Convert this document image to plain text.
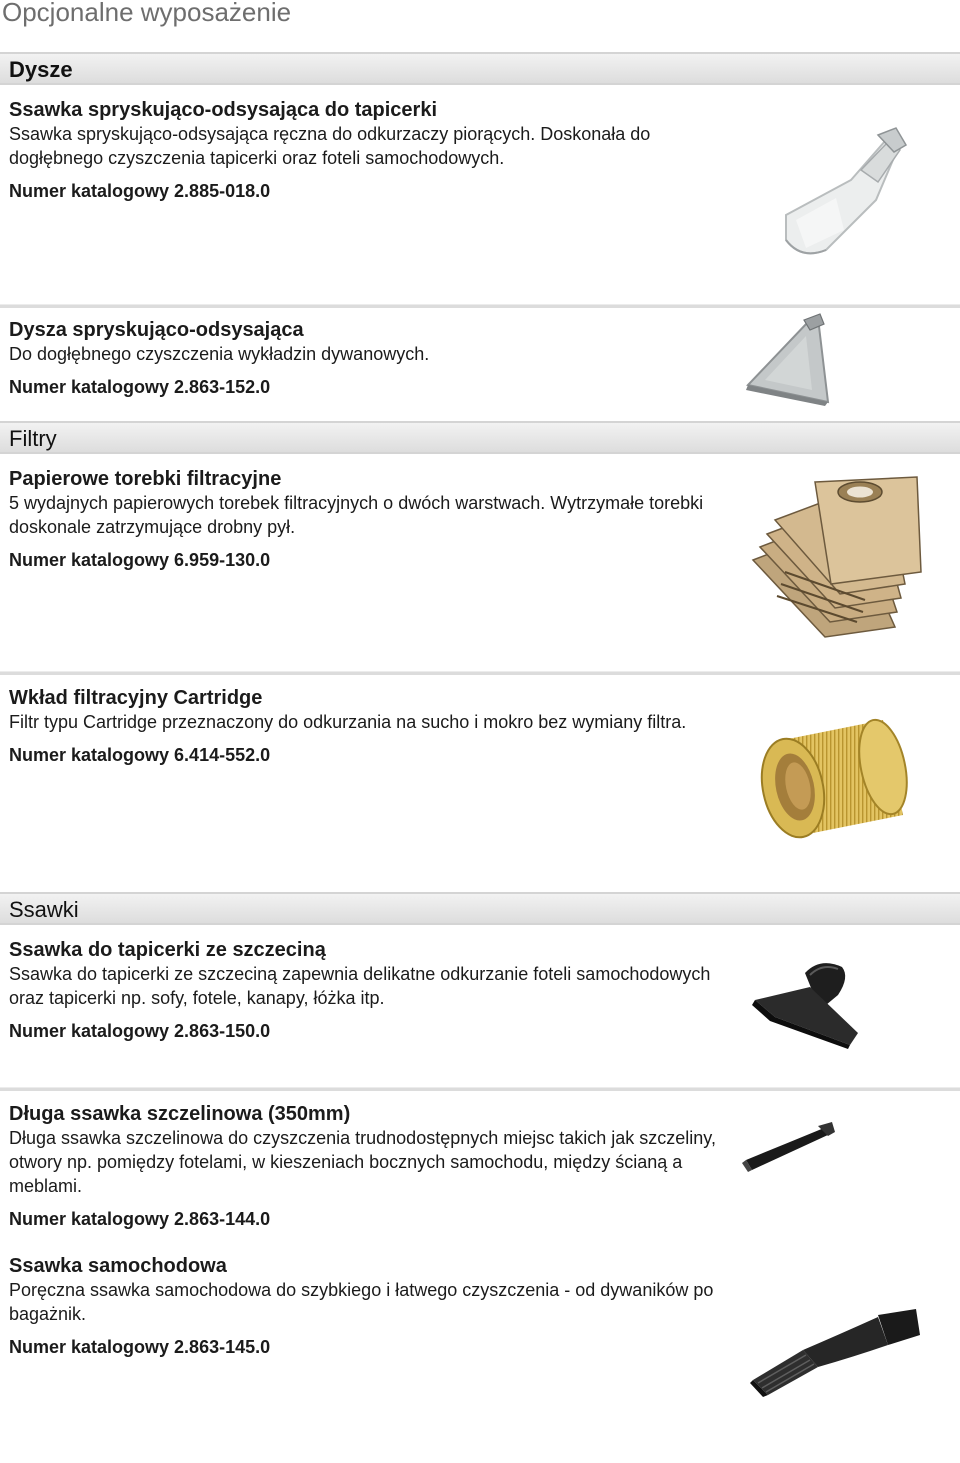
Opcjonalne wyposażenie
Dysze

Ssawka spryskująco-odsysająca do tapicerki

Ssawka spryskująco-odsysająca ręczna do odkurzaczy piorących. Doskonała do dogłębnego czyszczenia tapicerki oraz foteli samochodowych.

Numer katalogowy 2.885-018.0

Dysza spryskująco-odsysająca

Do dogłębnego czyszczenia wykładzin dywanowych.

Numer katalogowy 2.863-152.0

Filtry

Papierowe torebki filtracyjne

5 wydajnych papierowych torebek filtracyjnych o dwóch warstwach. Wytrzymałe torebki doskonale zatrzymujące drobny pył.

Numer katalogowy 6.959-130.0

Wkład filtracyjny Cartridge

Filtr typu Cartridge przeznaczony do odkurzania na sucho i mokro bez wymiany filtra.

Numer katalogowy 6.414-552.0

Ssawki

Ssawka do tapicerki ze szczeciną

Ssawka do tapicerki ze szczeciną zapewnia delikatne odkurzanie foteli samochodowych oraz tapicerki np. sofy, fotele, kanapy, łóżka itp.

Numer katalogowy 2.863-150.0

Długa ssawka szczelinowa (350mm)

Długa ssawka szczelinowa do czyszczenia trudnodostępnych miejsc takich jak szczeliny, otwory np. pomiędzy fotelami, w kieszeniach bocznych samochodu, między ścianą a meblami.

Numer katalogowy 2.863-144.0

Ssawka samochodowa

Poręczna ssawka samochodowa do szybkiego i łatwego czyszczenia - od dywaników po bagażnik.

Numer katalogowy 2.863-145.0
